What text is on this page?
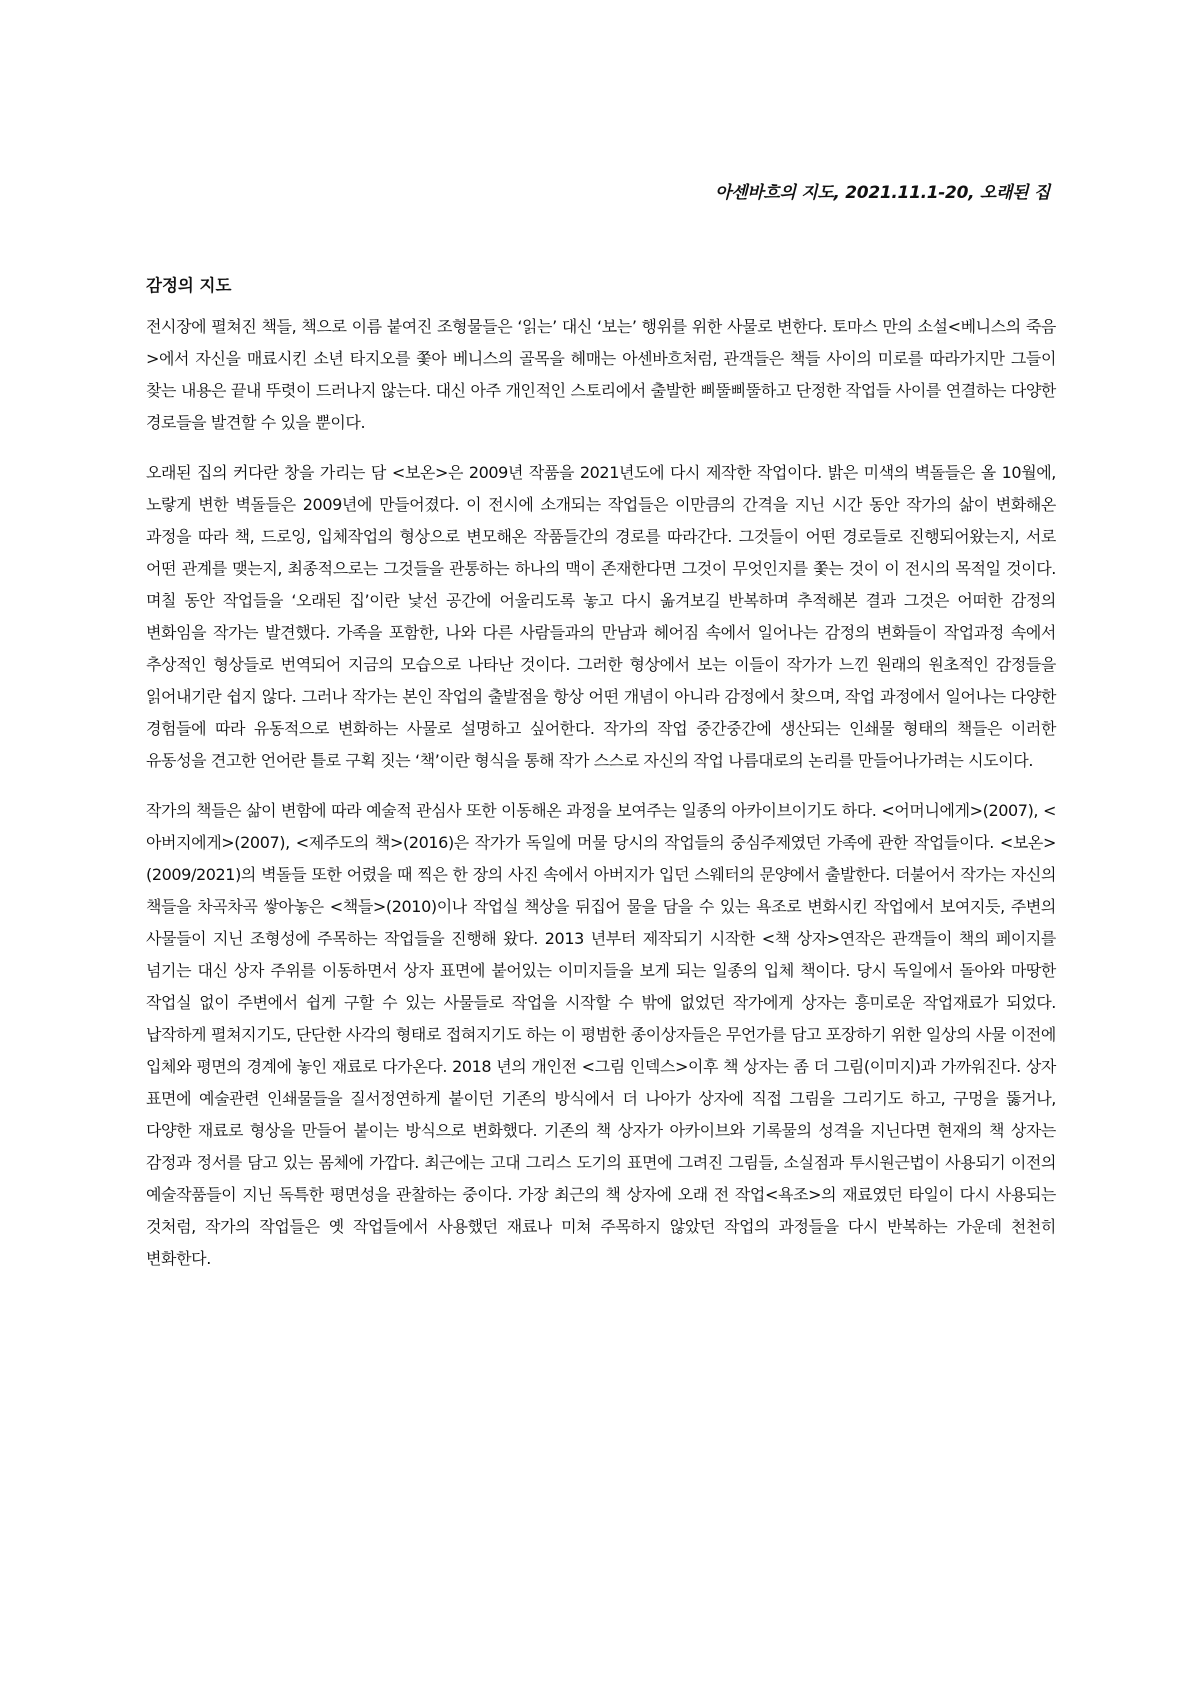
아센바흐의 지도, 2021.11.1-20, 오래된 집
감정의 지도

전시장에 펼쳐진 책들, 책으로 이름 붙여진 조형물들은 ‘읽는’ 대신 ‘보는’ 행위를 위한 사물로 변한다. 토마스 만의 소설<베니스의 죽음>에서 자신을 매료시킨 소년 타지오를 쫓아 베니스의 골목을 헤매는 아센바흐처럼, 관객들은 책들 사이의 미로를 따라가지만 그들이 찾는 내용은 끝내 뚜렷이 드러나지 않는다. 대신 아주 개인적인 스토리에서 출발한 삐뚤삐뚤하고 단정한 작업들 사이를 연결하는 다양한 경로들을 발견할 수 있을 뿐이다.

오래된 집의 커다란 창을 가리는 담 <보온>은 2009년 작품을 2021년도에 다시 제작한 작업이다. 밝은 미색의 벽돌들은 올 10월에, 노랗게 변한 벽돌들은 2009년에 만들어졌다. 이 전시에 소개되는 작업들은 이만큼의 간격을 지닌 시간 동안 작가의 삶이 변화해온 과정을 따라 책, 드로잉, 입체작업의 형상으로 변모해온 작품들간의 경로를 따라간다. 그것들이 어떤 경로들로 진행되어왔는지, 서로 어떤 관계를 맺는지, 최종적으로는 그것들을 관통하는 하나의 맥이 존재한다면 그것이 무엇인지를 쫓는 것이 이 전시의 목적일 것이다. 며칠 동안 작업들을 ‘오래된 집’이란 낯선 공간에 어울리도록 놓고 다시 옮겨보길 반복하며 추적해본 결과 그것은 어떠한 감정의 변화임을 작가는 발견했다. 가족을 포함한, 나와 다른 사람들과의 만남과 헤어짐 속에서 일어나는 감정의 변화들이 작업과정 속에서 추상적인 형상들로 번역되어 지금의 모습으로 나타난 것이다. 그러한 형상에서 보는 이들이 작가가 느낀 원래의 원초적인 감정들을 읽어내기란 쉽지 않다. 그러나 작가는 본인 작업의 출발점을 항상 어떤 개념이 아니라 감정에서 찾으며, 작업 과정에서 일어나는 다양한 경험들에 따라 유동적으로 변화하는 사물로 설명하고 싶어한다. 작가의 작업 중간중간에 생산되는 인쇄물 형태의 책들은 이러한 유동성을 견고한 언어란 틀로 구획 짓는 ‘책’이란 형식을 통해 작가 스스로 자신의 작업 나름대로의 논리를 만들어나가려는 시도이다.

작가의 책들은 삶이 변함에 따라 예술적 관심사 또한 이동해온 과정을 보여주는 일종의 아카이브이기도 하다. <어머니에게>(2007), <아버지에게>(2007), <제주도의 책>(2016)은 작가가 독일에 머물 당시의 작업들의 중심주제였던 가족에 관한 작업들이다. <보온>(2009/2021)의 벽돌들 또한 어렸을 때 찍은 한 장의 사진 속에서 아버지가 입던 스웨터의 문양에서 출발한다. 더불어서 작가는 자신의 책들을 차곡차곡 쌓아놓은 <책들>(2010)이나 작업실 책상을 뒤집어 물을 담을 수 있는 욕조로 변화시킨 작업에서 보여지듯, 주변의 사물들이 지닌 조형성에 주목하는 작업들을 진행해 왔다. 2013 년부터 제작되기 시작한 <책 상자>연작은 관객들이 책의 페이지를 넘기는 대신 상자 주위를 이동하면서 상자 표면에 붙어있는 이미지들을 보게 되는 일종의 입체 책이다. 당시 독일에서 돌아와 마땅한 작업실 없이 주변에서 쉽게 구할 수 있는 사물들로 작업을 시작할 수 밖에 없었던 작가에게 상자는 흥미로운 작업재료가 되었다. 납작하게 펼쳐지기도, 단단한 사각의 형태로 접혀지기도 하는 이 평범한 종이상자들은 무언가를 담고 포장하기 위한 일상의 사물 이전에 입체와 평면의 경계에 놓인 재료로 다가온다. 2018 년의 개인전 <그림 인덱스>이후 책 상자는 좀 더 그림(이미지)과 가까워진다. 상자 표면에 예술관련 인쇄물들을 질서정연하게 붙이던 기존의 방식에서 더 나아가 상자에 직접 그림을 그리기도 하고, 구멍을 뚫거나, 다양한 재료로 형상을 만들어 붙이는 방식으로 변화했다. 기존의 책 상자가 아카이브와 기록물의 성격을 지닌다면 현재의 책 상자는 감정과 정서를 담고 있는 몸체에 가깝다. 최근에는 고대 그리스 도기의 표면에 그려진 그림들, 소실점과 투시원근법이 사용되기 이전의 예술작품들이 지닌 독특한 평면성을 관찰하는 중이다. 가장 최근의 책 상자에 오래 전 작업<욕조>의 재료였던 타일이 다시 사용되는 것처럼, 작가의 작업들은 옛 작업들에서 사용했던 재료나 미쳐 주목하지 않았던 작업의 과정들을 다시 반복하는 가운데 천천히 변화한다.
